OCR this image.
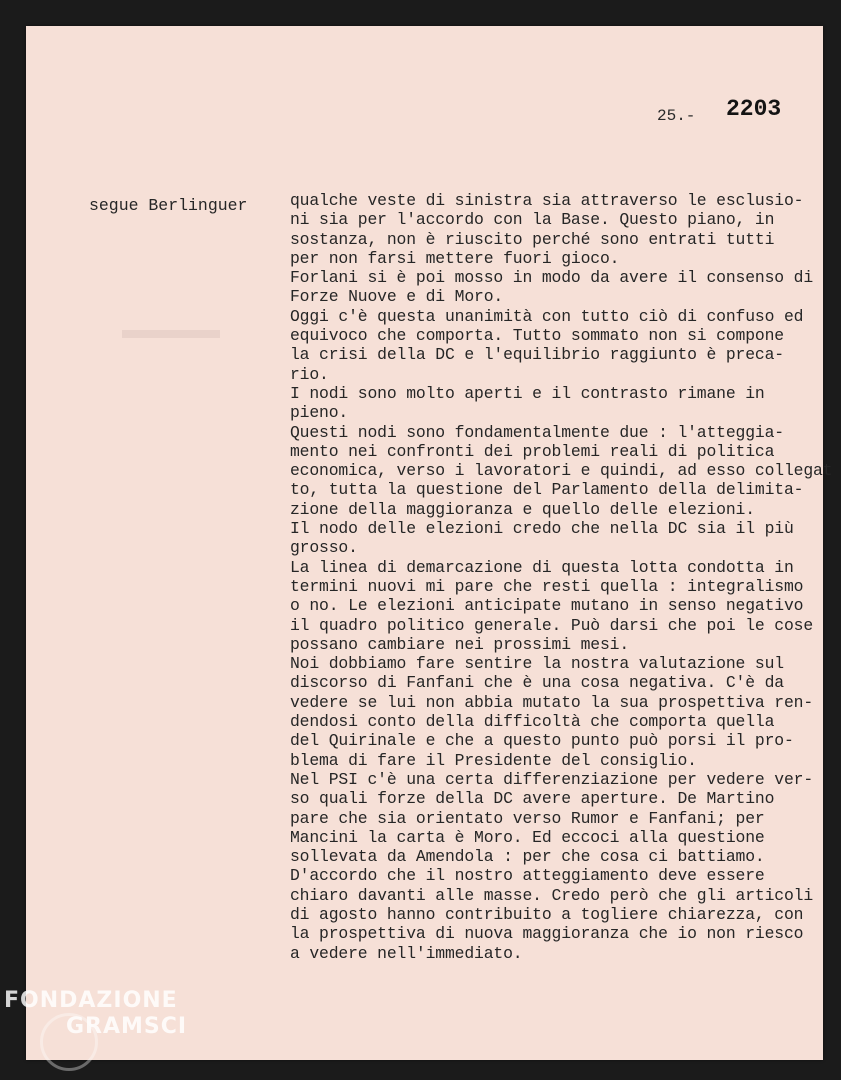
25.- 2203
segue Berlinguer	qualche veste di sinistra sia attraverso le esclusio-
ni sia per l'accordo con la Base. Questo piano, in
sostanza, non è riuscito perché sono entrati tutti
per non farsi mettere fuori gioco.
Forlani si è poi mosso in modo da avere il consenso di
Forze Nuove e di Moro.
Oggi c'è questa unanimità con tutto ciò di confuso ed
equivoco che comporta. Tutto sommato non si compone
la crisi della DC e l'equilibrio raggiunto è preca-
rio.
I nodi sono molto aperti e il contrasto rimane in
pieno.
Questi nodi sono fondamentalmente due : l'atteggia-
mento nei confronti dei problemi reali di politica
economica, verso i lavoratori e quindi, ad esso collegat
to, tutta la questione del Parlamento della delimita-
zione della maggioranza e quello delle elezioni.
Il nodo delle elezioni credo che nella DC sia il più
grosso.
La linea di demarcazione di questa lotta condotta in
termini nuovi mi pare che resti quella : integralismo
o no. Le elezioni anticipate mutano in senso negativo
il quadro politico generale. Può darsi che poi le cose
possano cambiare nei prossimi mesi.
Noi dobbiamo fare sentire la nostra valutazione sul
discorso di Fanfani che è una cosa negativa. C'è da
vedere se lui non abbia mutato la sua prospettiva ren-
dendosi conto della difficoltà che comporta quella
del Quirinale e che a questo punto può porsi il pro-
blema di fare il Presidente del consiglio.
Nel PSI c'è una certa differenziazione per vedere ver-
so quali forze della DC avere aperture. De Martino
pare che sia orientato verso Rumor e Fanfani; per
Mancini la carta è Moro. Ed eccoci alla questione
sollevata da Amendola : per che cosa ci battiamo.
D'accordo che il nostro atteggiamento deve essere
chiaro davanti alle masse. Credo però che gli articoli
di agosto hanno contribuito a togliere chiarezza, con
la prospettiva di nuova maggioranza che io non riesco
a vedere nell'immediato.
FONDAZIONE
GRAMSCI
